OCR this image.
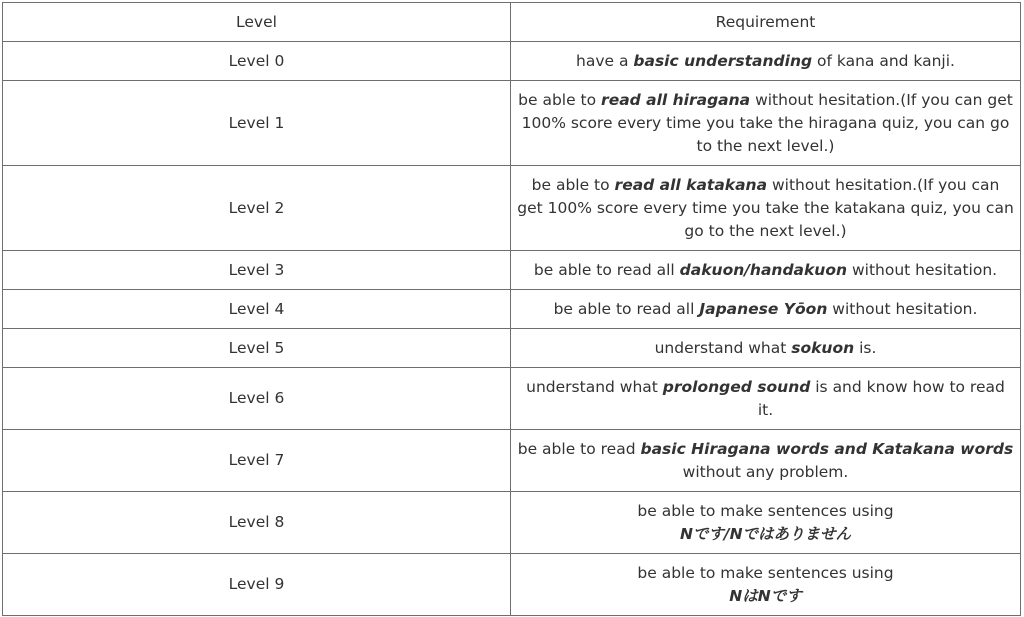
Level	Requirement
Level 0	have a basic understanding of kana and kanji.
Level 1	be able to read all hiragana without hesitation.(If you can get 100% score every time you take the hiragana quiz, you can go to the next level.)
Level 2	be able to read all katakana without hesitation.(If you can get 100% score every time you take the katakana quiz, you can go to the next level.)
Level 3	be able to read all dakuon/handakuon without hesitation.
Level 4	be able to read all Japanese Yōon without hesitation.
Level 5	understand what sokuon is.
Level 6	understand what prolonged sound is and know how to read it.
Level 7	be able to read basic Hiragana words and Katakana words without any problem.
Level 8	be able to make sentences using
Nです/Nではありません
Level 9	be able to make sentences using
NはNです
